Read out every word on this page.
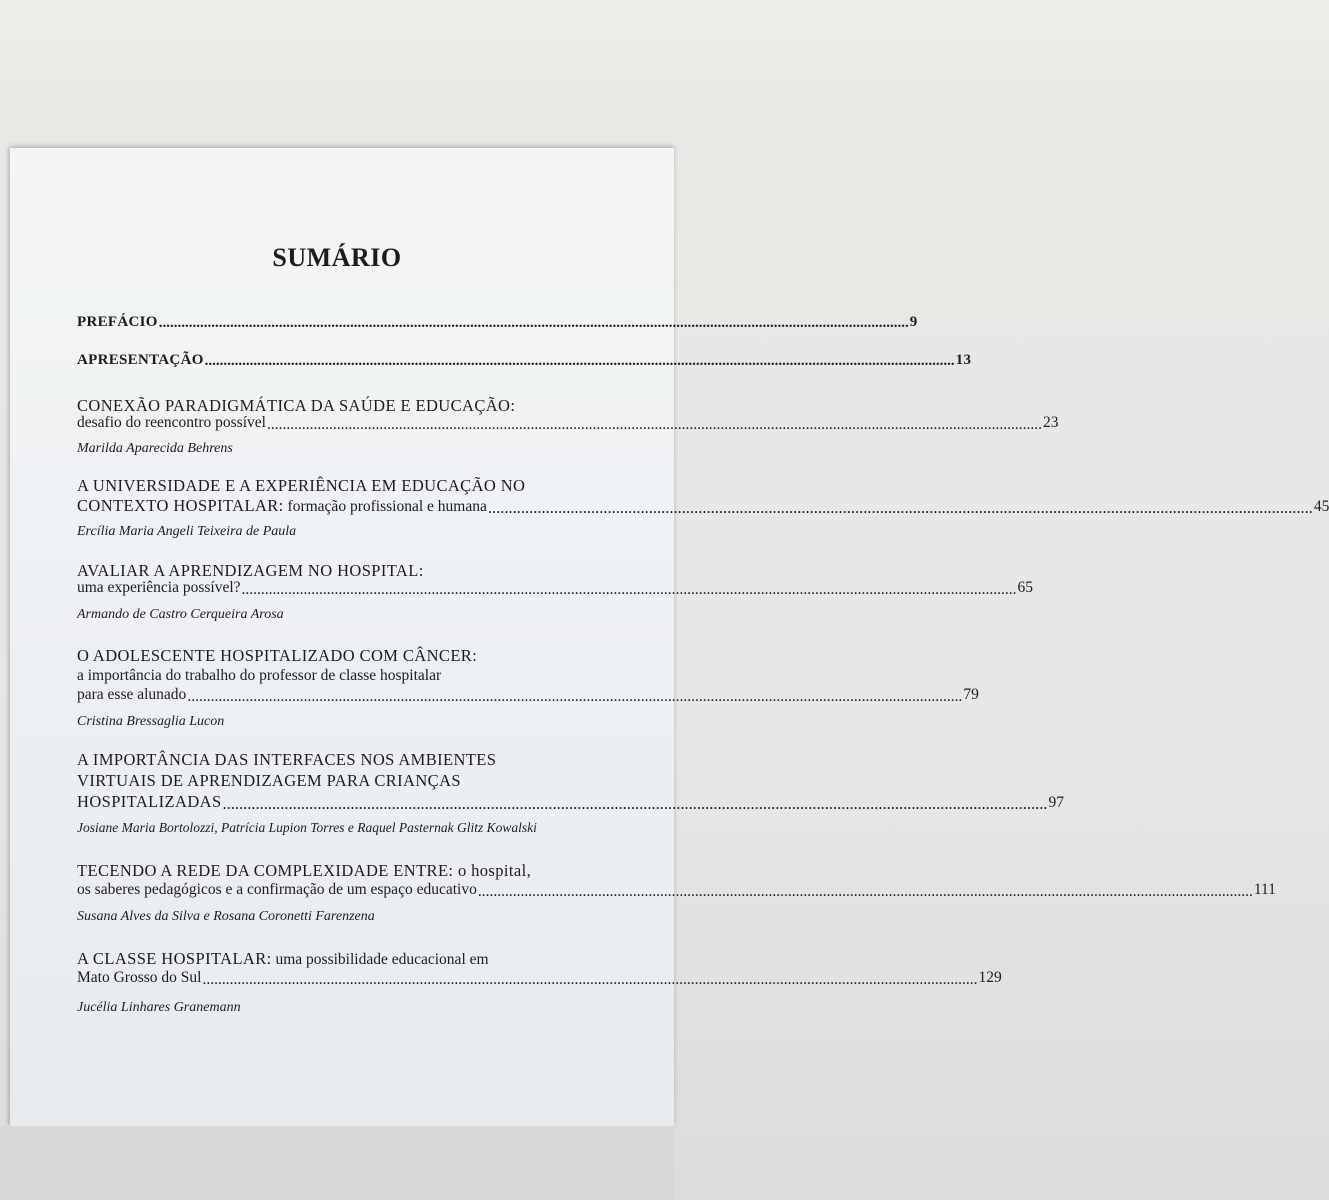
SUMÁRIO
PREFÁCIO ........................................................................................................................................................................................................ 9
APRESENTAÇÃO ........................................................................................................................................................................................................ 13
CONEXÃO PARADIGMÁTICA DA SAÚDE E EDUCAÇÃO:
desafio do reencontro possível ........................................................................................................................................................................................................ 23
Marilda Aparecida Behrens
A UNIVERSIDADE E A EXPERIÊNCIA EM EDUCAÇÃO NO
CONTEXTO HOSPITALAR: formação profissional e humana ........................................................................................................................................................................................................ 45
Ercília Maria Angeli Teixeira de Paula
AVALIAR A APRENDIZAGEM NO HOSPITAL:
uma experiência possível? ........................................................................................................................................................................................................ 65
Armando de Castro Cerqueira Arosa
O ADOLESCENTE HOSPITALIZADO COM CÂNCER:
a importância do trabalho do professor de classe hospitalar
para esse alunado ........................................................................................................................................................................................................ 79
Cristina Bressaglia Lucon
A IMPORTÂNCIA DAS INTERFACES NOS AMBIENTES
VIRTUAIS DE APRENDIZAGEM PARA CRIANÇAS
HOSPITALIZADAS ........................................................................................................................................................................................................ 97
Josiane Maria Bortolozzi, Patrícia Lupion Torres e Raquel Pasternak Glitz Kowalski
TECENDO A REDE DA COMPLEXIDADE ENTRE: o hospital,
os saberes pedagógicos e a confirmação de um espaço educativo ........................................................................................................................................................................................................ 111
Susana Alves da Silva e Rosana Coronetti Farenzena
A CLASSE HOSPITALAR: uma possibilidade educacional em
Mato Grosso do Sul ........................................................................................................................................................................................................ 129
Jucélia Linhares Granemann
